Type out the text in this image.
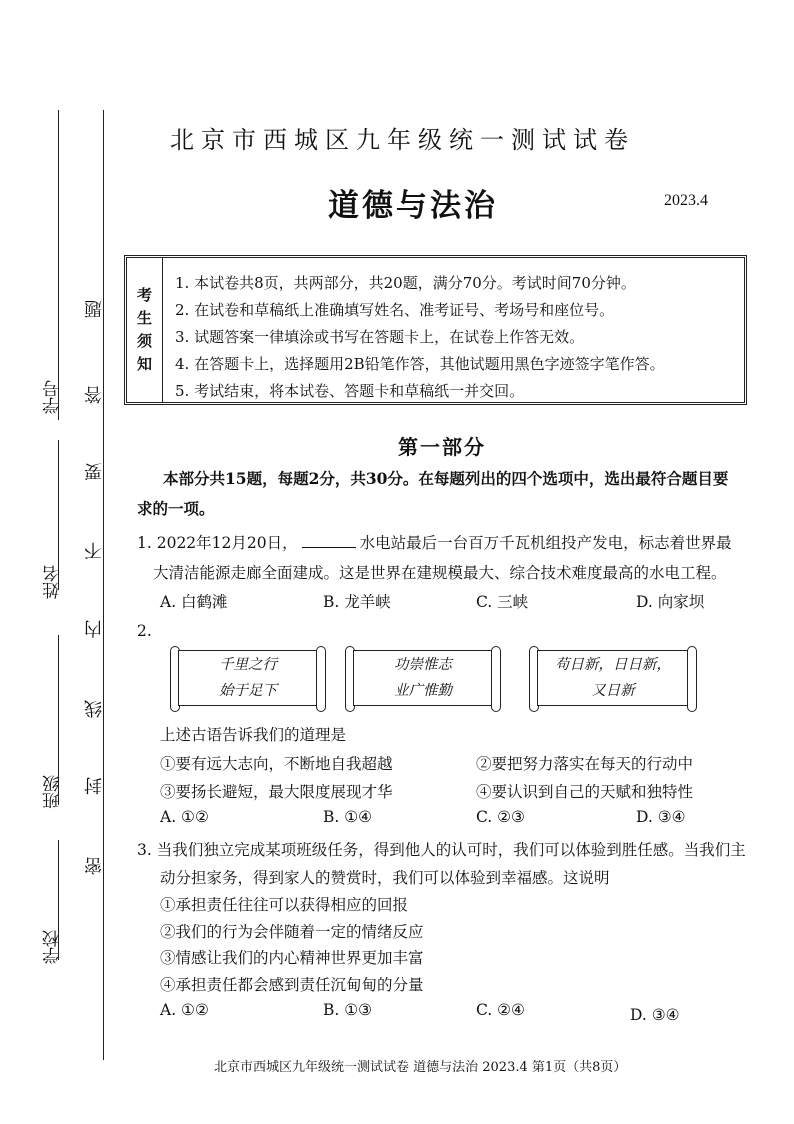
学校
班级
姓名
学号
密
封
线
内
不
要
答
题
北京市西城区九年级统一测试试卷
道德与法治	2023.4
考
生
须
知
1. 本试卷共8页，共两部分，共20题，满分70分。考试时间70分钟。
2. 在试卷和草稿纸上准确填写姓名、准考证号、考场号和座位号。
3. 试题答案一律填涂或书写在答题卡上，在试卷上作答无效。
4. 在答题卡上，选择题用2B铅笔作答，其他试题用黑色字迹签字笔作答。
5. 考试结束，将本试卷、答题卡和草稿纸一并交回。
第一部分
本部分共15题，每题2分，共30分。在每题列出的四个选项中，选出最符合题目要
求的一项。
1. 2022年12月20日，	水电站最后一台百万千瓦机组投产发电，标志着世界最
大清洁能源走廊全面建成。这是世界在建规模最大、综合技术难度最高的水电工程。
A. 白鹤滩	B. 龙羊峡	C. 三峡	D. 向家坝
2.
千里之行
始于足下
功崇惟志
业广惟勤
苟日新，日日新，
又日新
上述古语告诉我们的道理是
①要有远大志向，不断地自我超越	②要把努力落实在每天的行动中
③要扬长避短，最大限度展现才华	④要认识到自己的天赋和独特性
A. ①②	B. ①④	C. ②③	D. ③④
3. 当我们独立完成某项班级任务，得到他人的认可时，我们可以体验到胜任感。当我们主
动分担家务，得到家人的赞赏时，我们可以体验到幸福感。这说明
①承担责任往往可以获得相应的回报
②我们的行为会伴随着一定的情绪反应
③情感让我们的内心精神世界更加丰富
④承担责任都会感到责任沉甸甸的分量
A. ①②	B. ①③	C. ②④	D. ③④
北京市西城区九年级统一测试试卷 道德与法治 2023.4 第1页（共8页）
